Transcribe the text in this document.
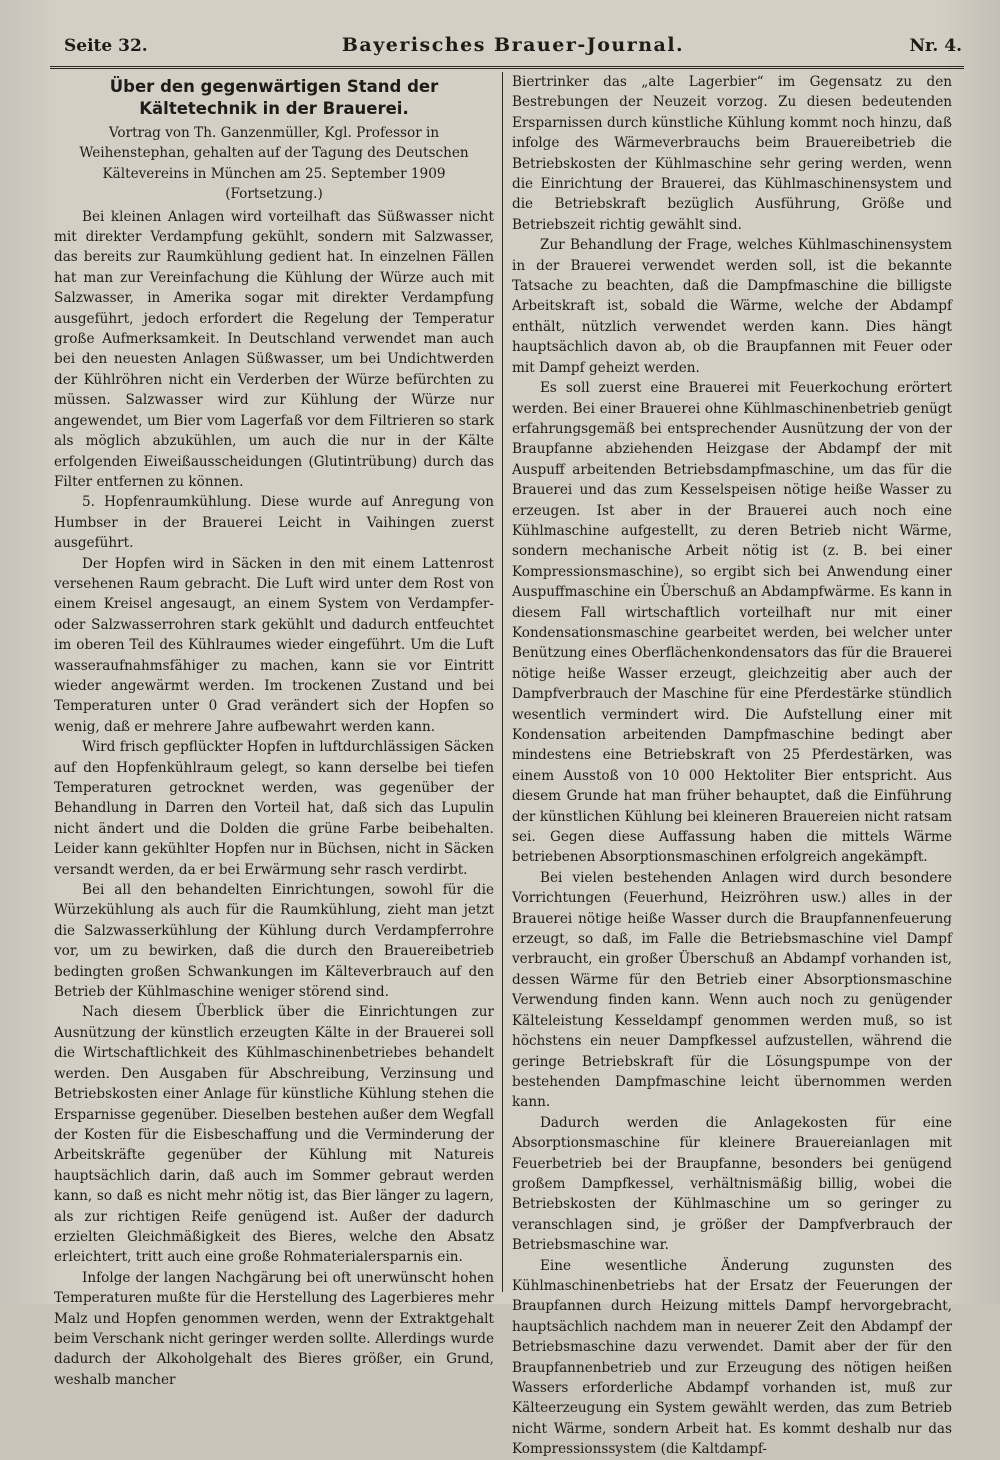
Seite 32.	Bayerisches Brauer-Journal.	Nr. 4.
Über den gegenwärtigen Stand der Kältetechnik in der Brauerei.

Vortrag von Th. Ganzenmüller, Kgl. Professor in Weihenstephan, gehalten auf der Tagung des Deutschen Kältevereins in München am 25. September 1909

(Fortsetzung.)

Bei kleinen Anlagen wird vorteilhaft das Süßwasser nicht mit direkter Verdampfung gekühlt, sondern mit Salzwasser, das bereits zur Raumkühlung gedient hat. In einzelnen Fällen hat man zur Vereinfachung die Kühlung der Würze auch mit Salzwasser, in Amerika sogar mit direkter Verdampfung ausgeführt, jedoch erfordert die Regelung der Temperatur große Aufmerksamkeit. In Deutschland verwendet man auch bei den neuesten Anlagen Süßwasser, um bei Undichtwerden der Kühlröhren nicht ein Verderben der Würze befürchten zu müssen. Salzwasser wird zur Kühlung der Würze nur angewendet, um Bier vom Lagerfaß vor dem Filtrieren so stark als möglich abzukühlen, um auch die nur in der Kälte erfolgenden Eiweißausscheidungen (Glutintrübung) durch das Filter entfernen zu können.

5. Hopfenraumkühlung. Diese wurde auf Anregung von Humbser in der Brauerei Leicht in Vaihingen zuerst ausgeführt.

Der Hopfen wird in Säcken in den mit einem Lattenrost versehenen Raum gebracht. Die Luft wird unter dem Rost von einem Kreisel angesaugt, an einem System von Verdampfer- oder Salzwasserrohren stark gekühlt und dadurch entfeuchtet im oberen Teil des Kühlraumes wieder eingeführt. Um die Luft wasseraufnahmsfähiger zu machen, kann sie vor Eintritt wieder angewärmt werden. Im trockenen Zustand und bei Temperaturen unter 0 Grad verändert sich der Hopfen so wenig, daß er mehrere Jahre aufbewahrt werden kann.

Wird frisch gepflückter Hopfen in luftdurchlässigen Säcken auf den Hopfenkühlraum gelegt, so kann derselbe bei tiefen Temperaturen getrocknet werden, was gegenüber der Behandlung in Darren den Vorteil hat, daß sich das Lupulin nicht ändert und die Dolden die grüne Farbe beibehalten. Leider kann gekühlter Hopfen nur in Büchsen, nicht in Säcken versandt werden, da er bei Erwärmung sehr rasch verdirbt.

Bei all den behandelten Einrichtungen, sowohl für die Würzekühlung als auch für die Raumkühlung, zieht man jetzt die Salzwasserkühlung der Kühlung durch Verdampferrohre vor, um zu bewirken, daß die durch den Brauereibetrieb bedingten großen Schwankungen im Kälteverbrauch auf den Betrieb der Kühlmaschine weniger störend sind.

Nach diesem Überblick über die Einrichtungen zur Ausnützung der künstlich erzeugten Kälte in der Brauerei soll die Wirtschaftlichkeit des Kühlmaschinenbetriebes behandelt werden. Den Ausgaben für Abschreibung, Verzinsung und Betriebskosten einer Anlage für künstliche Kühlung stehen die Ersparnisse gegenüber. Dieselben bestehen außer dem Wegfall der Kosten für die Eisbeschaffung und die Verminderung der Arbeitskräfte gegenüber der Kühlung mit Natureis hauptsächlich darin, daß auch im Sommer gebraut werden kann, so daß es nicht mehr nötig ist, das Bier länger zu lagern, als zur richtigen Reife genügend ist. Außer der dadurch erzielten Gleichmäßigkeit des Bieres, welche den Absatz erleichtert, tritt auch eine große Rohmaterialersparnis ein.

Infolge der langen Nachgärung bei oft unerwünscht hohen Temperaturen mußte für die Herstellung des Lagerbieres mehr Malz und Hopfen genommen werden, wenn der Extraktgehalt beim Verschank nicht geringer werden sollte. Allerdings wurde dadurch der Alkoholgehalt des Bieres größer, ein Grund, weshalb mancher

Biertrinker das „alte Lagerbier“ im Gegensatz zu den Bestrebungen der Neuzeit vorzog. Zu diesen bedeutenden Ersparnissen durch künstliche Kühlung kommt noch hinzu, daß infolge des Wärmeverbrauchs beim Brauereibetrieb die Betriebskosten der Kühlmaschine sehr gering werden, wenn die Einrichtung der Brauerei, das Kühlmaschinensystem und die Betriebskraft bezüglich Ausführung, Größe und Betriebszeit richtig gewählt sind.

Zur Behandlung der Frage, welches Kühlmaschinensystem in der Brauerei verwendet werden soll, ist die bekannte Tatsache zu beachten, daß die Dampfmaschine die billigste Arbeitskraft ist, sobald die Wärme, welche der Abdampf enthält, nützlich verwendet werden kann. Dies hängt hauptsächlich davon ab, ob die Braupfannen mit Feuer oder mit Dampf geheizt werden.

Es soll zuerst eine Brauerei mit Feuerkochung erörtert werden. Bei einer Brauerei ohne Kühlmaschinenbetrieb genügt erfahrungsgemäß bei entsprechender Ausnützung der von der Braupfanne abziehenden Heizgase der Abdampf der mit Auspuff arbeitenden Betriebsdampfmaschine, um das für die Brauerei und das zum Kesselspeisen nötige heiße Wasser zu erzeugen. Ist aber in der Brauerei auch noch eine Kühlmaschine aufgestellt, zu deren Betrieb nicht Wärme, sondern mechanische Arbeit nötig ist (z. B. bei einer Kompressionsmaschine), so ergibt sich bei Anwendung einer Auspuffmaschine ein Überschuß an Abdampfwärme. Es kann in diesem Fall wirtschaftlich vorteilhaft nur mit einer Kondensationsmaschine gearbeitet werden, bei welcher unter Benützung eines Oberflächenkondensators das für die Brauerei nötige heiße Wasser erzeugt, gleichzeitig aber auch der Dampfverbrauch der Maschine für eine Pferdestärke stündlich wesentlich vermindert wird. Die Aufstellung einer mit Kondensation arbeitenden Dampfmaschine bedingt aber mindestens eine Betriebskraft von 25 Pferdestärken, was einem Ausstoß von 10 000 Hektoliter Bier entspricht. Aus diesem Grunde hat man früher behauptet, daß die Einführung der künstlichen Kühlung bei kleineren Brauereien nicht ratsam sei. Gegen diese Auffassung haben die mittels Wärme betriebenen Absorptionsmaschinen erfolgreich angekämpft.

Bei vielen bestehenden Anlagen wird durch besondere Vorrichtungen (Feuerhund, Heizröhren usw.) alles in der Brauerei nötige heiße Wasser durch die Braupfannenfeuerung erzeugt, so daß, im Falle die Betriebsmaschine viel Dampf verbraucht, ein großer Überschuß an Abdampf vorhanden ist, dessen Wärme für den Betrieb einer Absorptionsmaschine Verwendung finden kann. Wenn auch noch zu genügender Kälteleistung Kesseldampf genommen werden muß, so ist höchstens ein neuer Dampfkessel aufzustellen, während die geringe Betriebskraft für die Lösungspumpe von der bestehenden Dampfmaschine leicht übernommen werden kann.

Dadurch werden die Anlagekosten für eine Absorptionsmaschine für kleinere Brauereianlagen mit Feuerbetrieb bei der Braupfanne, besonders bei genügend großem Dampfkessel, verhältnismäßig billig, wobei die Betriebskosten der Kühlmaschine um so geringer zu veranschlagen sind, je größer der Dampfverbrauch der Betriebsmaschine war.

Eine wesentliche Änderung zugunsten des Kühlmaschinenbetriebs hat der Ersatz der Feuerungen der Braupfannen durch Heizung mittels Dampf hervorgebracht, hauptsächlich nachdem man in neuerer Zeit den Abdampf der Betriebsmaschine dazu verwendet. Damit aber der für den Braupfannenbetrieb und zur Erzeugung des nötigen heißen Wassers erforderliche Abdampf vorhanden ist, muß zur Kälteerzeugung ein System gewählt werden, das zum Betrieb nicht Wärme, sondern Arbeit hat. Es kommt deshalb nur das Kompressionssystem (die Kaltdampf-
